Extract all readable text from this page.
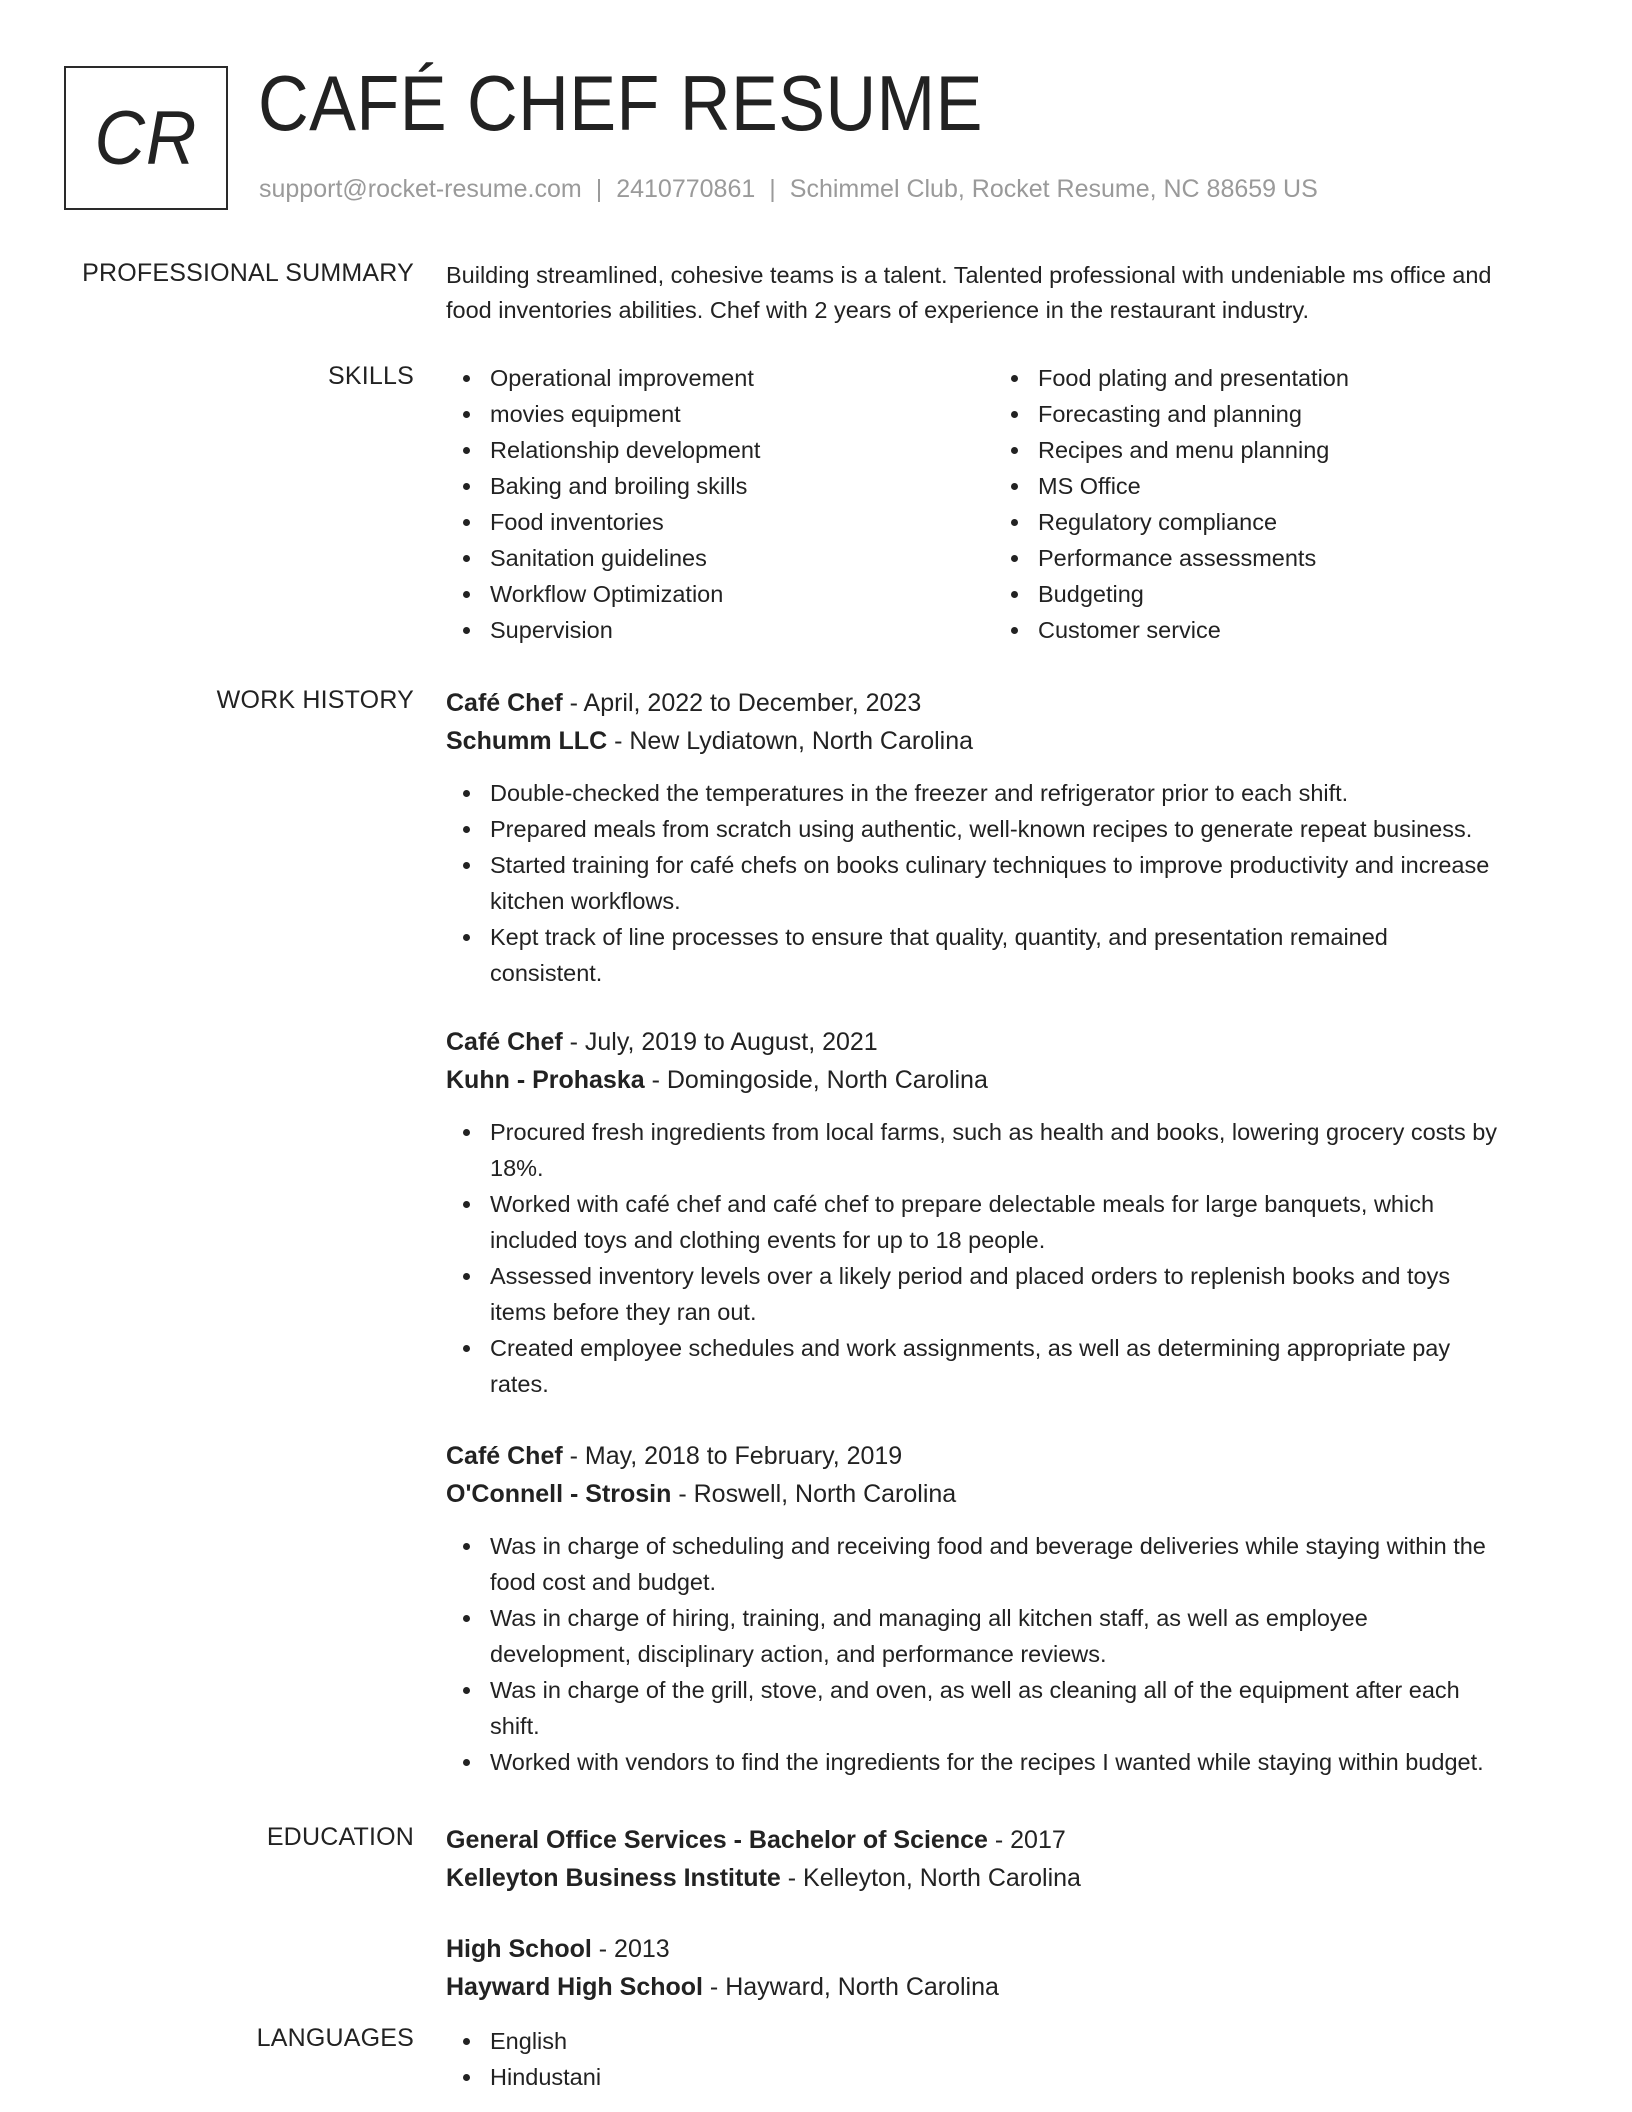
CR CAFÉ CHEF RESUME
support@rocket-resume.com | 2410770861 | Schimmel Club, Rocket Resume, NC 88659 US
PROFESSIONAL SUMMARY Building streamlined, cohesive teams is a talent. Talented professional with undeniable ms office and

food inventories abilities. Chef with 2 years of experience in the restaurant industry.

SKILLS	Operational improvement
movies equipment
Relationship development
Baking and broiling skills
Food inventories
Sanitation guidelines
Workflow Optimization
Supervision
Food plating and presentation
Forecasting and planning
Recipes and menu planning
MS Office
Regulatory compliance
Performance assessments
Budgeting
Customer service
WORK HISTORY Café Chef - April, 2022 to December, 2023
Schumm LLC - New Lydiatown, North Carolina
Double-checked the temperatures in the freezer and refrigerator prior to each shift.
Prepared meals from scratch using authentic, well-known recipes to generate repeat business.
Started training for café chefs on books culinary techniques to improve productivity and increase
kitchen workflows.
Kept track of line processes to ensure that quality, quantity, and presentation remained
consistent.
Café Chef - July, 2019 to August, 2021
Kuhn - Prohaska - Domingoside, North Carolina
Procured fresh ingredients from local farms, such as health and books, lowering grocery costs by
18%.
Worked with café chef and café chef to prepare delectable meals for large banquets, which
included toys and clothing events for up to 18 people.
Assessed inventory levels over a likely period and placed orders to replenish books and toys
items before they ran out.
Created employee schedules and work assignments, as well as determining appropriate pay
rates.
Café Chef - May, 2018 to February, 2019
O'Connell - Strosin - Roswell, North Carolina
Was in charge of scheduling and receiving food and beverage deliveries while staying within the
food cost and budget.
Was in charge of hiring, training, and managing all kitchen staff, as well as employee
development, disciplinary action, and performance reviews.
Was in charge of the grill, stove, and oven, as well as cleaning all of the equipment after each
shift.
Worked with vendors to find the ingredients for the recipes I wanted while staying within budget.
EDUCATION General Office Services - Bachelor of Science - 2017
Kelleyton Business Institute - Kelleyton, North Carolina
High School - 2013
Hayward High School - Hayward, North Carolina
LANGUAGES	English
Hindustani
